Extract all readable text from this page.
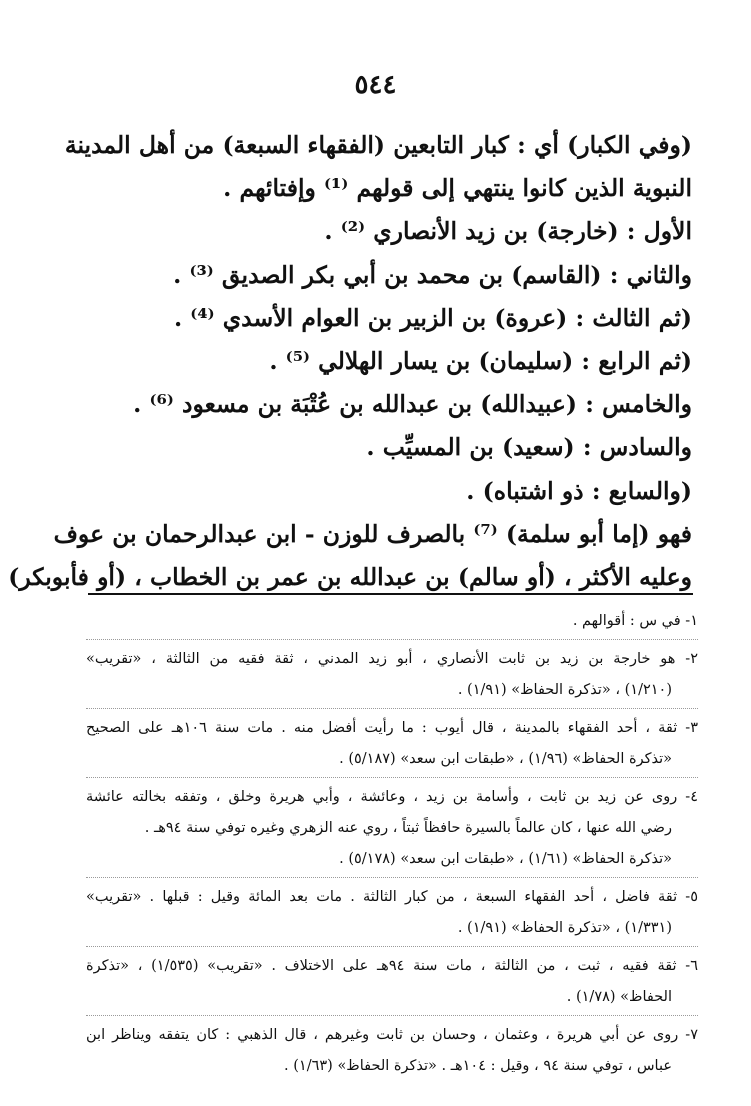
٥٤٤
(وفي الكبار) أي : كبار التابعين (الفقهاء السبعة) من أهل المدينة
النبوية الذين كانوا ينتهي إلى قولهم ⁽¹⁾ وإفتائهم .
الأول : (خارجة) بن زيد الأنصاري ⁽²⁾ .
والثاني : (القاسم) بن محمد بن أبي بكر الصديق ⁽³⁾ .
(ثم الثالث : (عروة) بن الزبير بن العوام الأسدي ⁽⁴⁾ .
(ثم الرابع : (سليمان) بن يسار الهلالي ⁽⁵⁾ .
والخامس : (عبيدالله) بن عبدالله بن عُتْبَة بن مسعود ⁽⁶⁾ .
والسادس : (سعيد) بن المسيِّب .
(والسابع : ذو اشتباه) .
فهو (إما أبو سلمة) ⁽⁷⁾ بالصرف للوزن - ابن عبدالرحمان بن عوف
وعليه الأكثر ، (أو سالم) بن عبدالله بن عمر بن الخطاب ، (أو فأبوبكر)
١- في س : أقوالهم .
٢- هو خارجة بن زيد بن ثابت الأنصاري ، أبو زيد المدني ، ثقة فقيه من الثالثة ، «تقريب»
(١/٢١٠) ، «تذكرة الحفاظ» (١/٩١) .
٣- ثقة ، أحد الفقهاء بالمدينة ، قال أيوب : ما رأيت أفضل منه . مات سنة ١٠٦هـ على الصحيح
«تذكرة الحفاظ» (١/٩٦) ، «طبقات ابن سعد» (٥/١٨٧) .
٤- روى عن زيد بن ثابت ، وأسامة بن زيد ، وعائشة ، وأبي هريرة وخلق ، وتفقه بخالته عائشة
رضي الله عنها ، كان عالماً بالسيرة حافظاً ثبتاً ، روي عنه الزهري وغيره توفي سنة ٩٤هـ .
«تذكرة الحفاظ» (١/٦١) ، «طبقات ابن سعد» (٥/١٧٨) .
٥- ثقة فاضل ، أحد الفقهاء السبعة ، من كبار الثالثة . مات بعد المائة وقيل : قبلها . «تقريب»
(١/٣٣١) ، «تذكرة الحفاظ» (١/٩١) .
٦- ثقة فقيه ، ثبت ، من الثالثة ، مات سنة ٩٤هـ على الاختلاف . «تقريب» (١/٥٣٥) ، «تذكرة
الحفاظ» (١/٧٨) .
٧- روى عن أبي هريرة ، وعثمان ، وحسان بن ثابت وغيرهم ، قال الذهبي : كان يتفقه ويناظر ابن
عباس ، توفي سنة ٩٤ ، وقيل : ١٠٤هـ . «تذكرة الحفاظ» (١/٦٣) .
